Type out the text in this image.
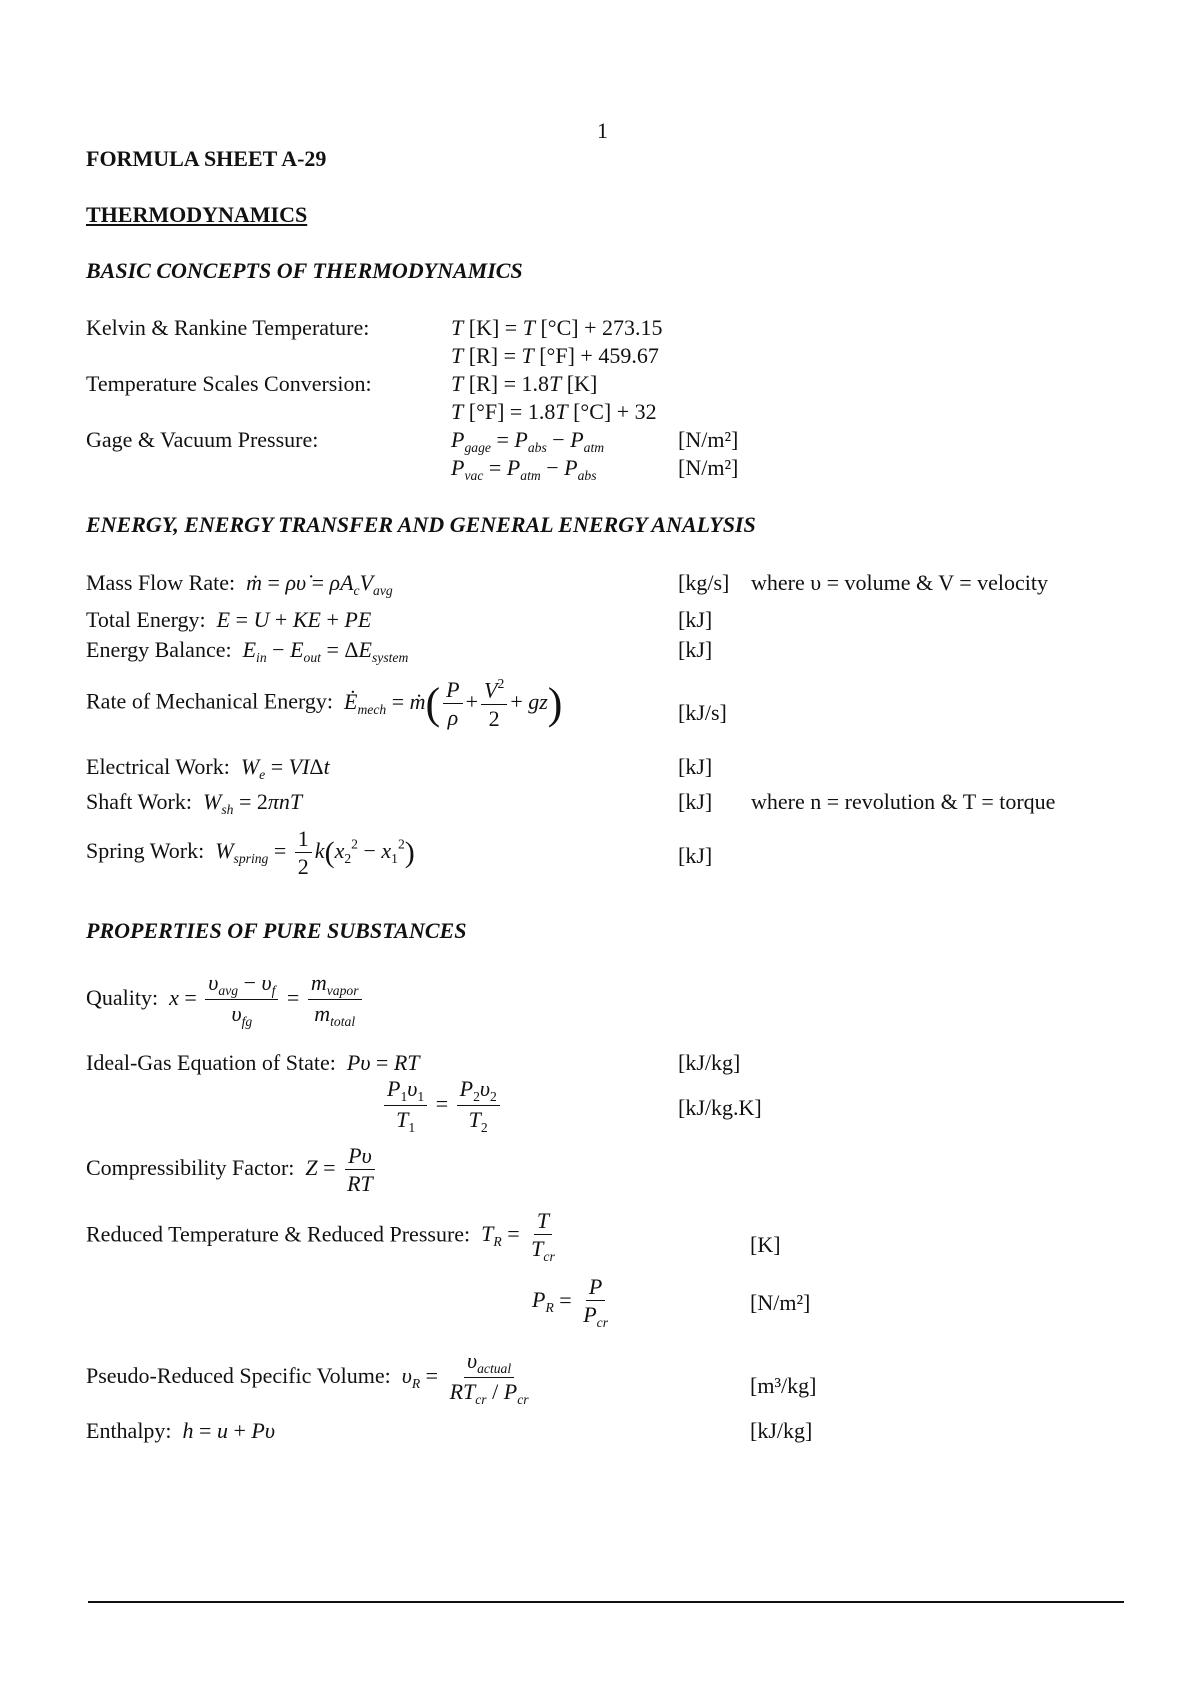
1
FORMULA SHEET A-29
THERMODYNAMICS
BASIC CONCEPTS OF THERMODYNAMICS
Kelvin & Rankine Temperature:	T [K] = T [°C] + 273.15
T [R] = T [°F] + 459.67
Temperature Scales Conversion:	T [R] = 1.8T [K]
T [°F] = 1.8T [°C] + 32
Gage & Vacuum Pressure:	$P_{gage} = P_{abs} - P_{atm}$	[N/m²]
$P_{vac} = P_{atm} - P_{abs}$	[N/m²]
ENERGY, ENERGY TRANSFER AND GENERAL ENERGY ANALYSIS
Mass Flow Rate: ṁ = ρυ̇ = $\rho A_cV_{avg}$	[kg/s] where υ = volume & V = velocity
Total Energy: E = U + KE + PE	[kJ]
Energy Balance: $E_{in} - E_{out} = \Delta E_{system}$	[kJ]
Rate of Mechanical Energy: $Ė_{mech}$ = ṁ( $\frac{P}{\rho} + \frac{V^2}{2} + gz$)	[kJ/s]
Electrical Work: $W_e = VI\Delta t$	[kJ]
Shaft Work: $W_{sh} = 2\pi nT$	[kJ] where n = revolution & T = torque
Spring Work: $W_{spring} = \frac{1}{2} k(x_2^2 - x_1^2)$	[kJ]
PROPERTIES OF PURE SUBSTANCES
Quality: $x = \frac{\upsilon_{avg} - \upsilon_f}{\upsilon_{fg}} = \frac{m_{vapor}}{m_{total}}$
Ideal-Gas Equation of State: Pυ = RT	[kJ/kg]
$\frac{P_1\upsilon_1}{T_1} = \frac{P_2\upsilon_2}{T_2}$	[kJ/kg.K]
Compressibility Factor: $Z = \frac{P\upsilon}{RT}$
Reduced Temperature & Reduced Pressure: $T_R = \frac{T}{T_{cr}}$	[K]
$P_R = \frac{P}{P_{cr}}$	[N/m²]
Pseudo-Reduced Specific Volume: $\upsilon_R = \frac{\upsilon_{actual}}{RT_{cr} / P_{cr}}$	[m³/kg]
Enthalpy: h = u + Pυ	[kJ/kg]
